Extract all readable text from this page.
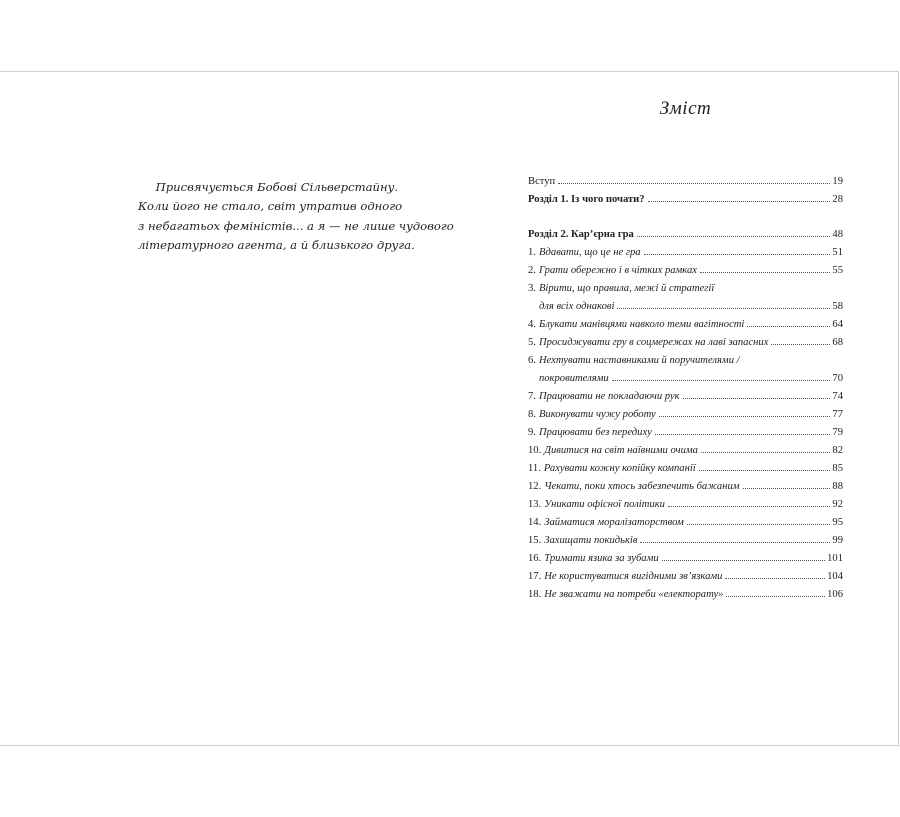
Присвячується Бобові Сільверстайну.
Коли його не стало, світ утратив одного
з небагатьох феміністів... а я — не лише чудового
літературного агента, а й близького друга.
Зміст
Вступ	19
Розділ 1. Із чого почати?	28
Розділ 2. Кар’єрна гра	48
1. Вдавати, що це не гра	51
2. Грати обережно і в чітких рамках	55
3. Вірити, що правила, межі й стратегії
для всіх однакові	58
4. Блукати манівцями навколо теми вагітності	64
5. Просиджувати гру в соцмережах на лаві запасних	68
6. Нехтувати наставниками й поручителями /
покровителями	70
7. Працювати не покладаючи рук	74
8. Виконувати чужу роботу	77
9. Працювати без передиху	79
10. Дивитися на світ наївними очима	82
11. Рахувати кожну копійку компанії	85
12. Чекати, поки хтось забезпечить бажаним	88
13. Уникати офісної політики	92
14. Займатися моралізаторством	95
15. Захищати покидьків	99
16. Тримати язика за зубами	101
17. Не користуватися вигідними зв’язками	104
18. Не зважати на потреби «електорату»	106
